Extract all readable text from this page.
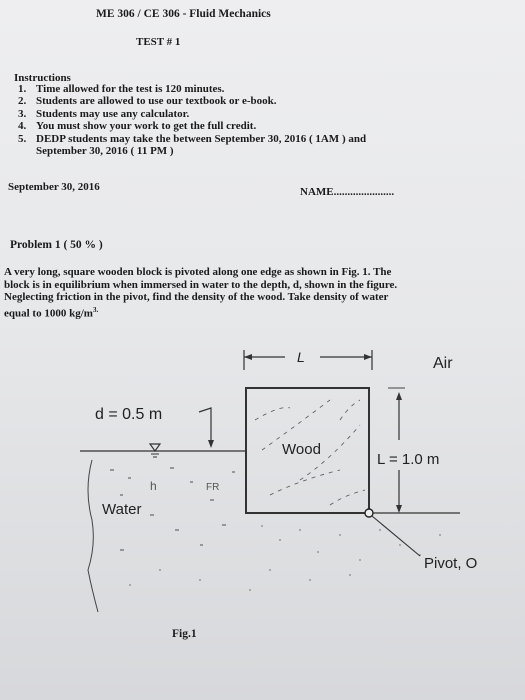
ME 306 / CE 306 - Fluid Mechanics
TEST # 1
Instructions
1. Time allowed for the test is 120 minutes.
2. Students are allowed to use our textbook or e-book.
3. Students may use any calculator.
4. You must show your work to get the full credit.
5. DEDP students may take the between September 30, 2016 ( 1AM ) and
September 30, 2016 ( 11 PM )
September 30, 2016	NAME......................
Problem 1 ( 50 % )
A very long, square wooden block is pivoted along one edge as shown in Fig. 1. The
block is in equilibrium when immersed in water to the depth, d, shown in the figure.
Neglecting friction in the pivot, find the density of the wood. Take density of water
equal to 1000 $kg/m^{3.}$
L	Air
Wood
L = 1.0 m
d = 0.5 m
h	FR
Water
Pivot, O
Fig.1
